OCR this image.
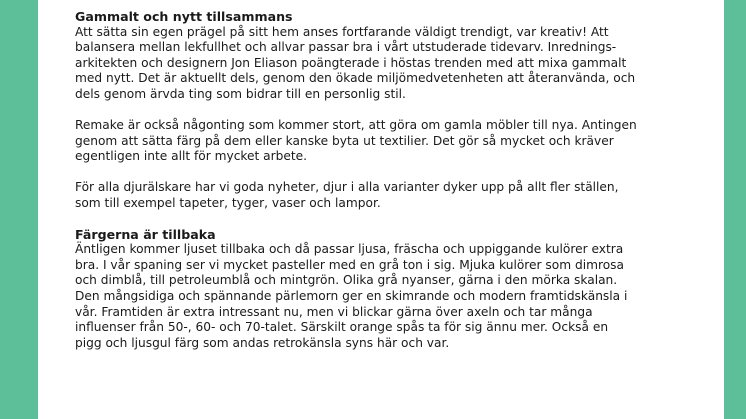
Gammalt och nytt tillsammans

Att sätta sin egen prägel på sitt hem anses fortfarande väldigt trendigt, var kreativ! Att
balansera mellan lekfullhet och allvar passar bra i vårt utstuderade tidevarv. Inrednings-
arkitekten och designern Jon Eliason poängterade i höstas trenden med att mixa gammalt
med nytt. Det är aktuellt dels, genom den ökade miljömedvetenheten att återanvända, och
dels genom ärvda ting som bidrar till en personlig stil.

Remake är också någonting som kommer stort, att göra om gamla möbler till nya. Antingen
genom att sätta färg på dem eller kanske byta ut textilier. Det gör så mycket och kräver
egentligen inte allt för mycket arbete.

För alla djurälskare har vi goda nyheter, djur i alla varianter dyker upp på allt fler ställen,
som till exempel tapeter, tyger, vaser och lampor.

Färgerna är tillbaka

Äntligen kommer ljuset tillbaka och då passar ljusa, fräscha och uppiggande kulörer extra
bra. I vår spaning ser vi mycket pasteller med en grå ton i sig. Mjuka kulörer som dimrosa
och dimblå, till petroleumblå och mintgrön. Olika grå nyanser, gärna i den mörka skalan.
Den mångsidiga och spännande pärlemorn ger en skimrande och modern framtidskänsla i
vår. Framtiden är extra intressant nu, men vi blickar gärna över axeln och tar många
influenser från 50-, 60- och 70-talet. Särskilt orange spås ta för sig ännu mer. Också en
pigg och ljusgul färg som andas retrokänsla syns här och var.
